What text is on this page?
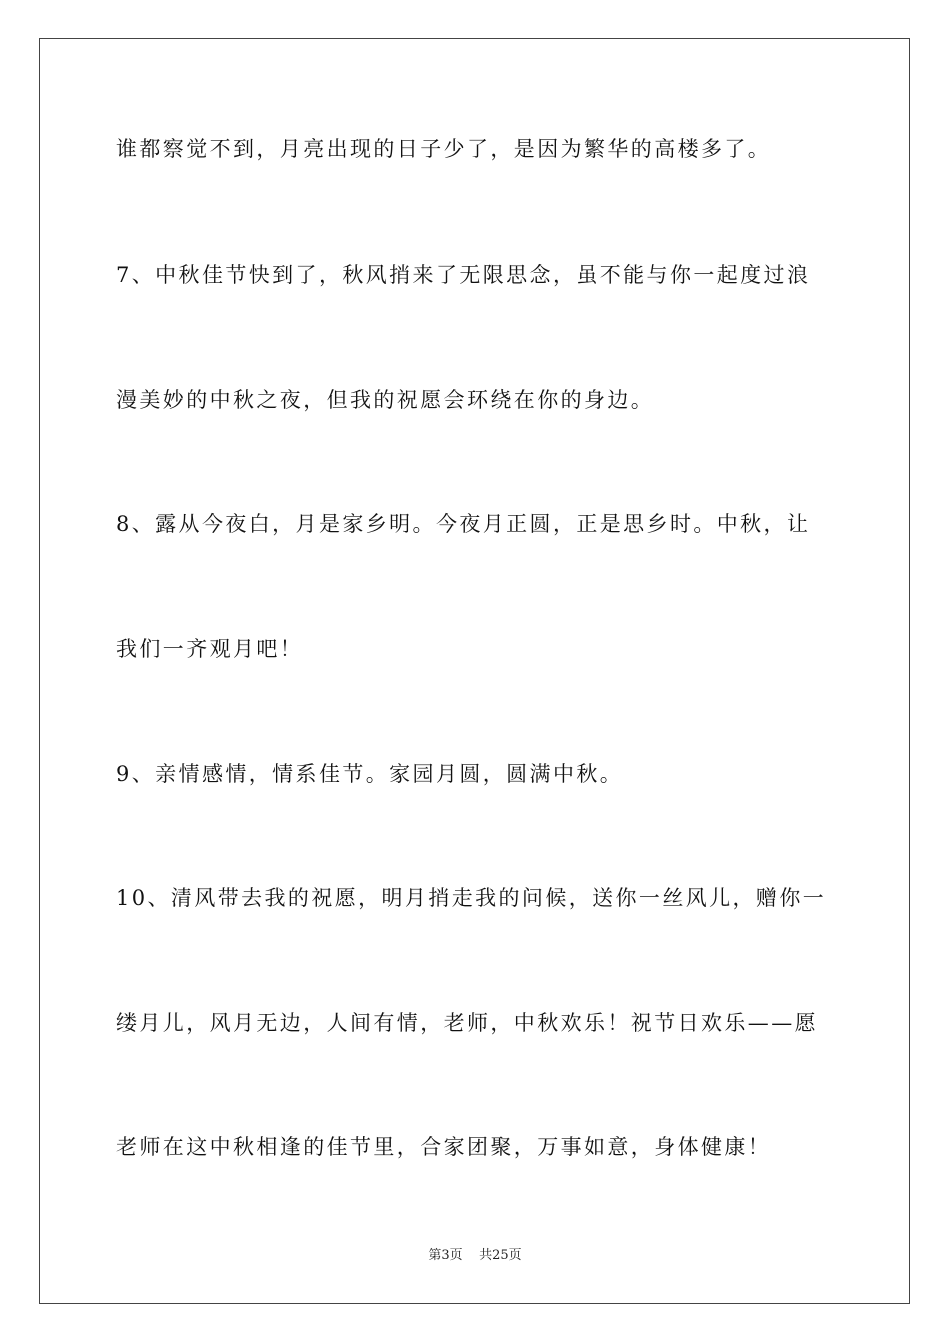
谁都察觉不到，月亮出现的日子少了，是因为繁华的高楼多了。
7、中秋佳节快到了，秋风捎来了无限思念，虽不能与你一起度过浪
漫美妙的中秋之夜，但我的祝愿会环绕在你的身边。
8、露从今夜白，月是家乡明。今夜月正圆，正是思乡时。中秋，让
我们一齐观月吧！
9、亲情感情，情系佳节。家园月圆，圆满中秋。
10、清风带去我的祝愿，明月捎走我的问候，送你一丝风儿，赠你一
缕月儿，风月无边，人间有情，老师，中秋欢乐！祝节日欢乐——愿
老师在这中秋相逢的佳节里，合家团聚，万事如意，身体健康！
第3页 共25页
